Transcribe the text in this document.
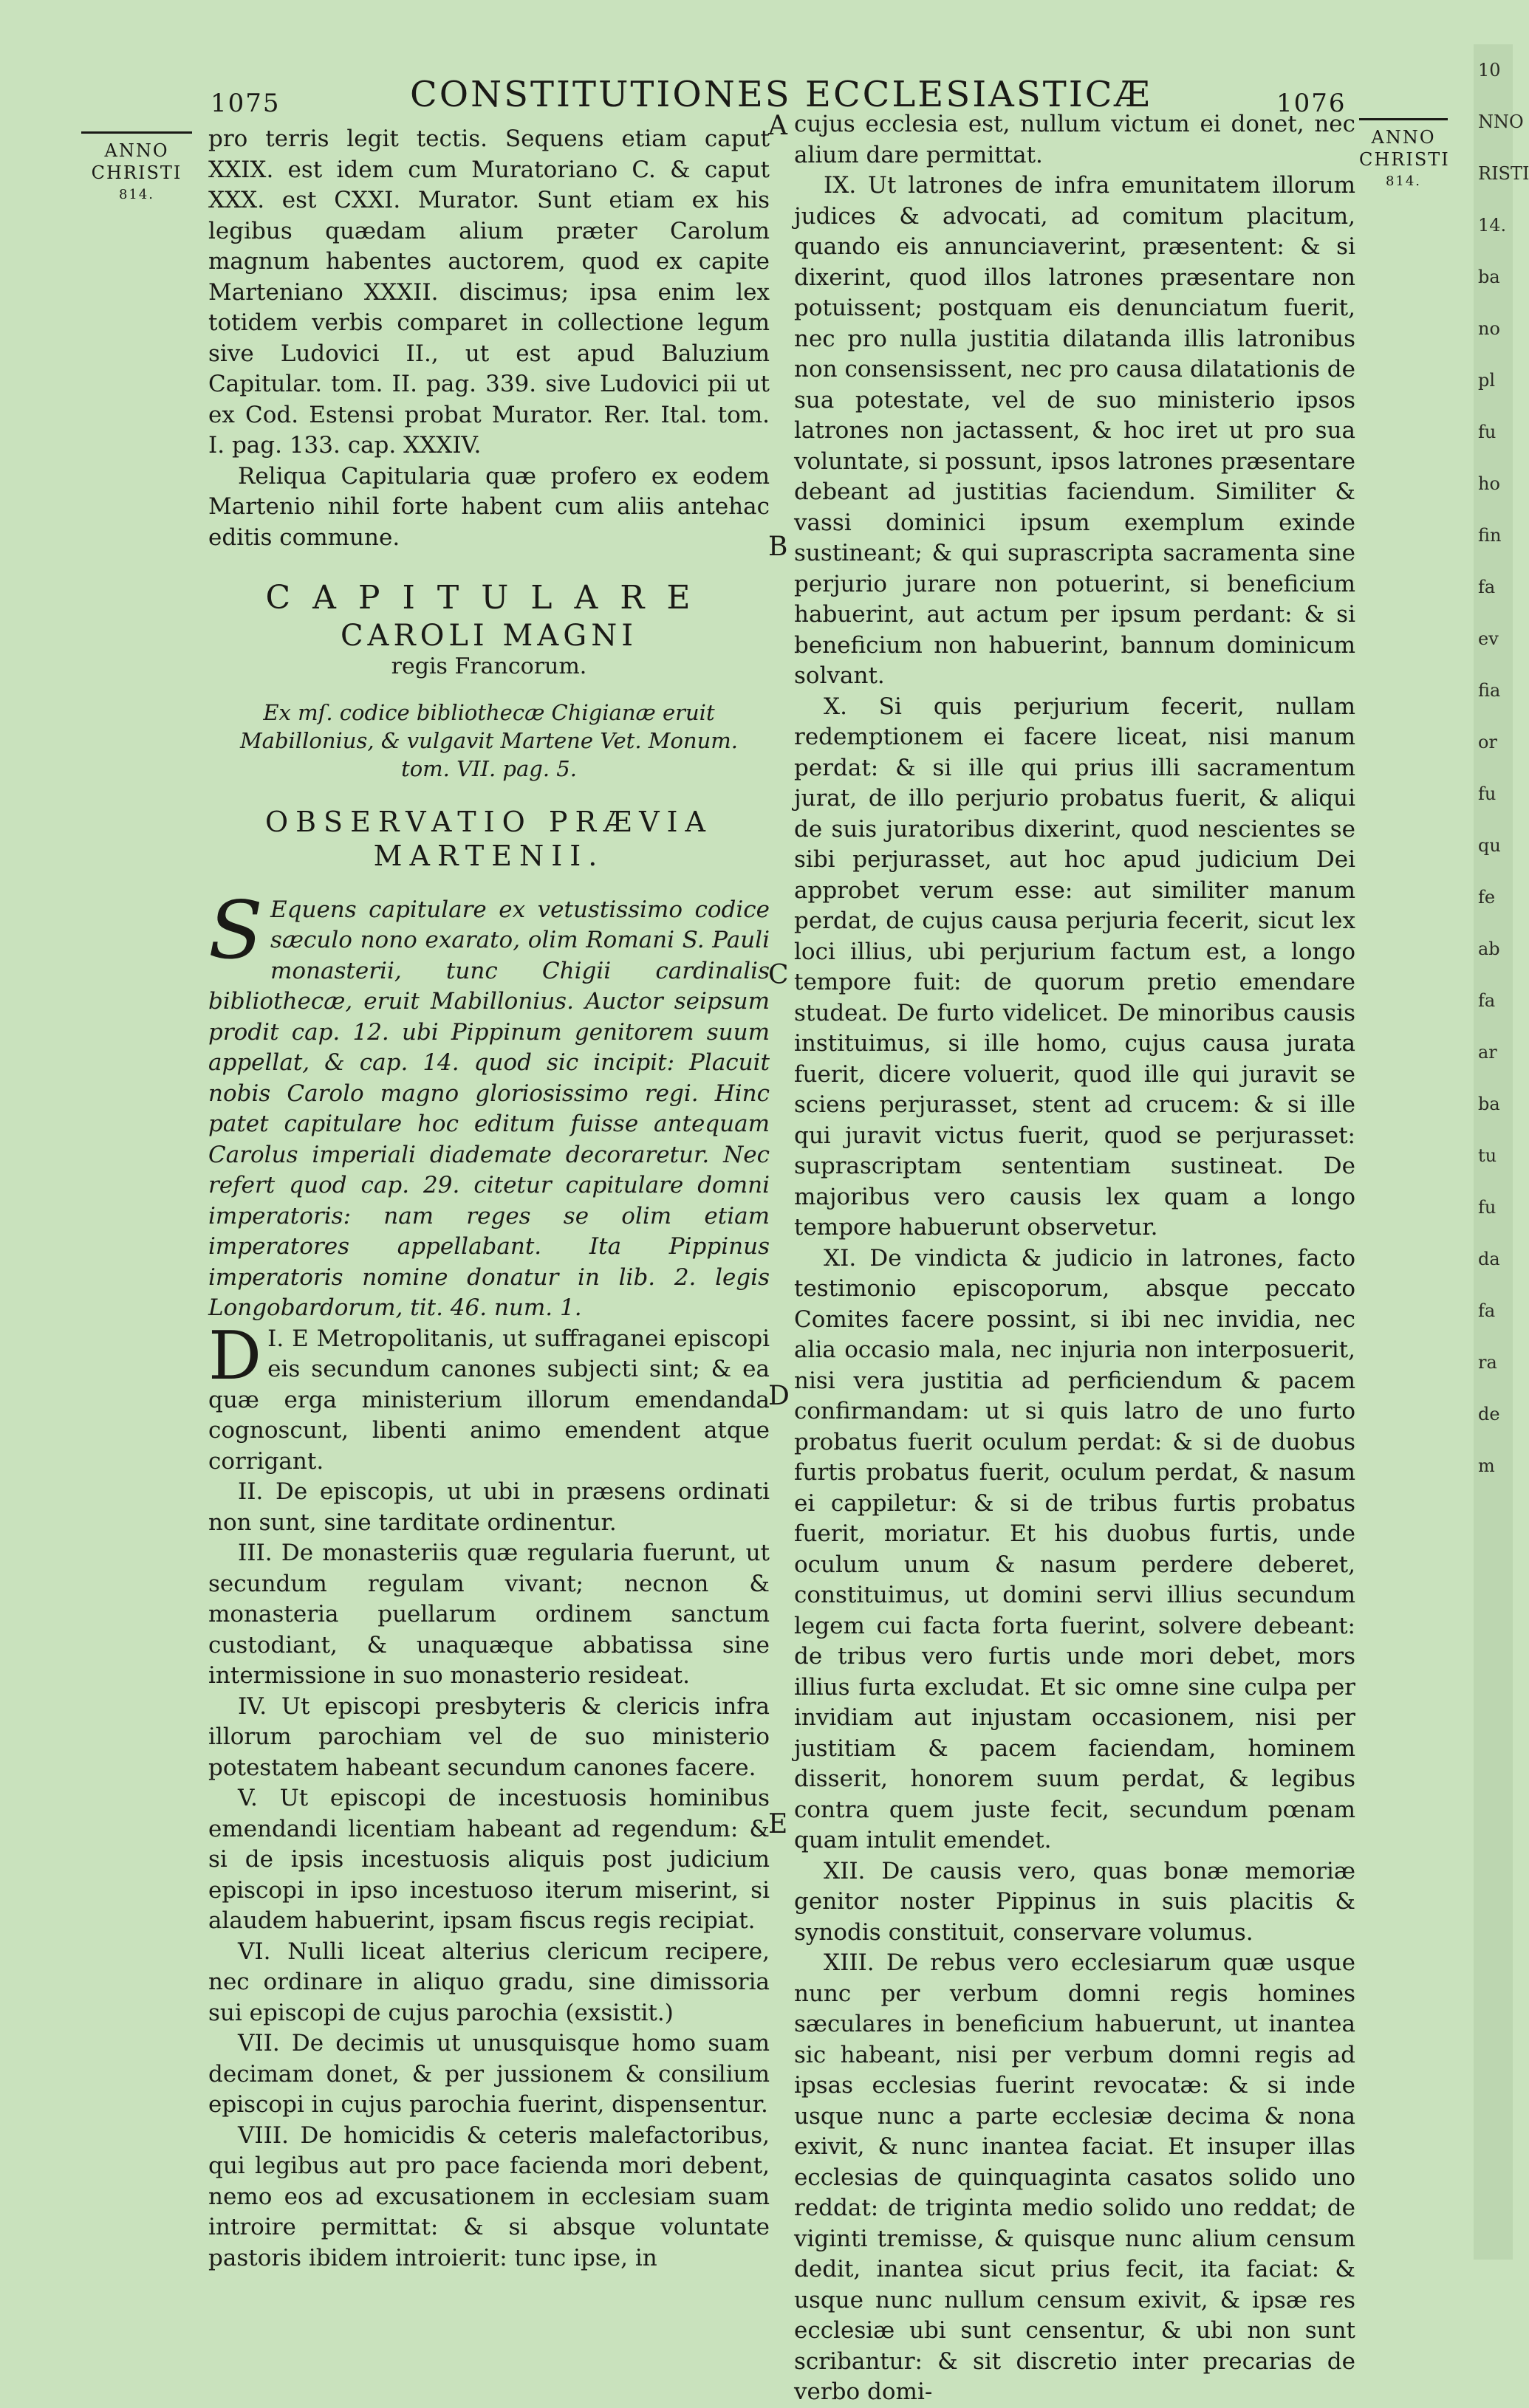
1075	CONSTITUTIONES ECCLESIASTICÆ	1076
ANNO
CHRISTI
814.
ANNO
CHRISTI
814.
A
B
C
D
E

pro terris legit tectis. Sequens etiam caput XXIX. est idem cum Muratoriano C. & caput XXX. est CXXI. Murator. Sunt etiam ex his legibus quædam alium præter Carolum magnum habentes auctorem, quod ex capite Marteniano XXXII. discimus; ipsa enim lex totidem verbis comparet in collectione legum sive Ludovici II., ut est apud Baluzium Capitular. tom. II. pag. 339. sive Ludovici pii ut ex Cod. Estensi probat Murator. Rer. Ital. tom. I. pag. 133. cap. XXXIV.

Reliqua Capitularia quæ profero ex eodem Martenio nihil forte habent cum aliis antehac editis commune.

CAPITULARE
CAROLI MAGNI
regis Francorum.
Ex mſ. codice bibliothecæ Chigianæ eruit Mabillonius, & vulgavit Martene Vet. Monum. tom. VII. pag. 5.
OBSERVATIO PRÆVIA
MARTENII.

S Equens capitulare ex vetustissimo codice sæculo nono exarato, olim Romani S. Pauli monasterii, tunc Chigii cardinalis bibliothecæ, eruit Mabillonius. Auctor seipsum prodit cap. 12. ubi Pippinum genitorem suum appellat, & cap. 14. quod sic incipit: Placuit nobis Carolo magno gloriosissimo regi. Hinc patet capitulare hoc editum fuisse antequam Carolus imperiali diademate decoraretur. Nec refert quod cap. 29. citetur capitulare domni imperatoris: nam reges se olim etiam imperatores appellabant. Ita Pippinus imperatoris nomine donatur in lib. 2. legis Longobardorum, tit. 46. num. 1.

I.
D E Metropolitanis, ut suffraganei episcopi eis secundum canones subjecti sint; & ea quæ erga ministerium illorum emendanda cognoscunt, libenti animo emendent atque corrigant.

II. De episcopis, ut ubi in præsens ordinati non sunt, sine tarditate ordinentur.

III. De monasteriis quæ regularia fuerunt, ut secundum regulam vivant; necnon & monasteria puellarum ordinem sanctum custodiant, & unaquæque abbatissa sine intermissione in suo monasterio resideat.

IV. Ut episcopi presbyteris & clericis infra illorum parochiam vel de suo ministerio potestatem habeant secundum canones facere.

V. Ut episcopi de incestuosis hominibus emendandi licentiam habeant ad regendum: & si de ipsis incestuosis aliquis post judicium episcopi in ipso incestuoso iterum miserint, si alaudem habuerint, ipsam fiscus regis recipiat.

VI. Nulli liceat alterius clericum recipere, nec ordinare in aliquo gradu, sine dimissoria sui episcopi de cujus parochia (exsistit.)

VII. De decimis ut unusquisque homo suam decimam donet, & per jussionem & consilium episcopi in cujus parochia fuerint, dispensentur.

VIII. De homicidis & ceteris malefactoribus, qui legibus aut pro pace facienda mori debent, nemo eos ad excusationem in ecclesiam suam introire permittat: & si absque voluntate pastoris ibidem introierit: tunc ipse, in

cujus ecclesia est, nullum victum ei donet, nec alium dare permittat.

IX. Ut latrones de infra emunitatem illorum judices & advocati, ad comitum placitum, quando eis annunciaverint, præsentent: & si dixerint, quod illos latrones præsentare non potuissent; postquam eis denunciatum fuerit, nec pro nulla justitia dilatanda illis latronibus non consensissent, nec pro causa dilatationis de sua potestate, vel de suo ministerio ipsos latrones non jactassent, & hoc iret ut pro sua voluntate, si possunt, ipsos latrones præsentare debeant ad justitias faciendum. Similiter & vassi dominici ipsum exemplum exinde sustineant; & qui suprascripta sacramenta sine perjurio jurare non potuerint, si beneficium habuerint, aut actum per ipsum perdant: & si beneficium non habuerint, bannum dominicum solvant.

X. Si quis perjurium fecerit, nullam redemptionem ei facere liceat, nisi manum perdat: & si ille qui prius illi sacramentum jurat, de illo perjurio probatus fuerit, & aliqui de suis juratoribus dixerint, quod nescientes se sibi perjurasset, aut hoc apud judicium Dei approbet verum esse: aut similiter manum perdat, de cujus causa perjuria fecerit, sicut lex loci illius, ubi perjurium factum est, a longo tempore fuit: de quorum pretio emendare studeat. De furto videlicet. De minoribus causis instituimus, si ille homo, cujus causa jurata fuerit, dicere voluerit, quod ille qui juravit se sciens perjurasset, stent ad crucem: & si ille qui juravit victus fuerit, quod se perjurasset: suprascriptam sententiam sustineat. De majoribus vero causis lex quam a longo tempore habuerunt observetur.

XI. De vindicta & judicio in latrones, facto testimonio episcoporum, absque peccato Comites facere possint, si ibi nec invidia, nec alia occasio mala, nec injuria non interposuerit, nisi vera justitia ad perficiendum & pacem confirmandam: ut si quis latro de uno furto probatus fuerit oculum perdat: & si de duobus furtis probatus fuerit, oculum perdat, & nasum ei cappiletur: & si de tribus furtis probatus fuerit, moriatur. Et his duobus furtis, unde oculum unum & nasum perdere deberet, constituimus, ut domini servi illius secundum legem cui facta forta fuerint, solvere debeant: de tribus vero furtis unde mori debet, mors illius furta excludat. Et sic omne sine culpa per invidiam aut injustam occasionem, nisi per justitiam & pacem faciendam, hominem disserit, honorem suum perdat, & legibus contra quem juste fecit, secundum pœnam quam intulit emendet.

XII. De causis vero, quas bonæ memoriæ genitor noster Pippinus in suis placitis & synodis constituit, conservare volumus.

XIII. De rebus vero ecclesiarum quæ usque nunc per verbum domni regis homines sæculares in beneficium habuerunt, ut inantea sic habeant, nisi per verbum domni regis ad ipsas ecclesias fuerint revocatæ: & si inde usque nunc a parte ecclesiæ decima & nona exivit, & nunc inantea faciat. Et insuper illas ecclesias de quinquaginta casatos solido uno reddat: de triginta medio solido uno reddat; de viginti tremisse, & quisque nunc alium censum dedit, inantea sicut prius fecit, ita faciat: & usque nunc nullum censum exivit, & ipsæ res ecclesiæ ubi sunt censentur, & ubi non sunt scribantur: & sit discretio inter precarias de verbo domi-

10
NNO
RISTI
14.
ba
no
pl
fu
ho
fin
fa
ev
fia
or
fu
qu
fe
ab
fa
ar
ba
tu
fu
da
fa
ra
de
m
